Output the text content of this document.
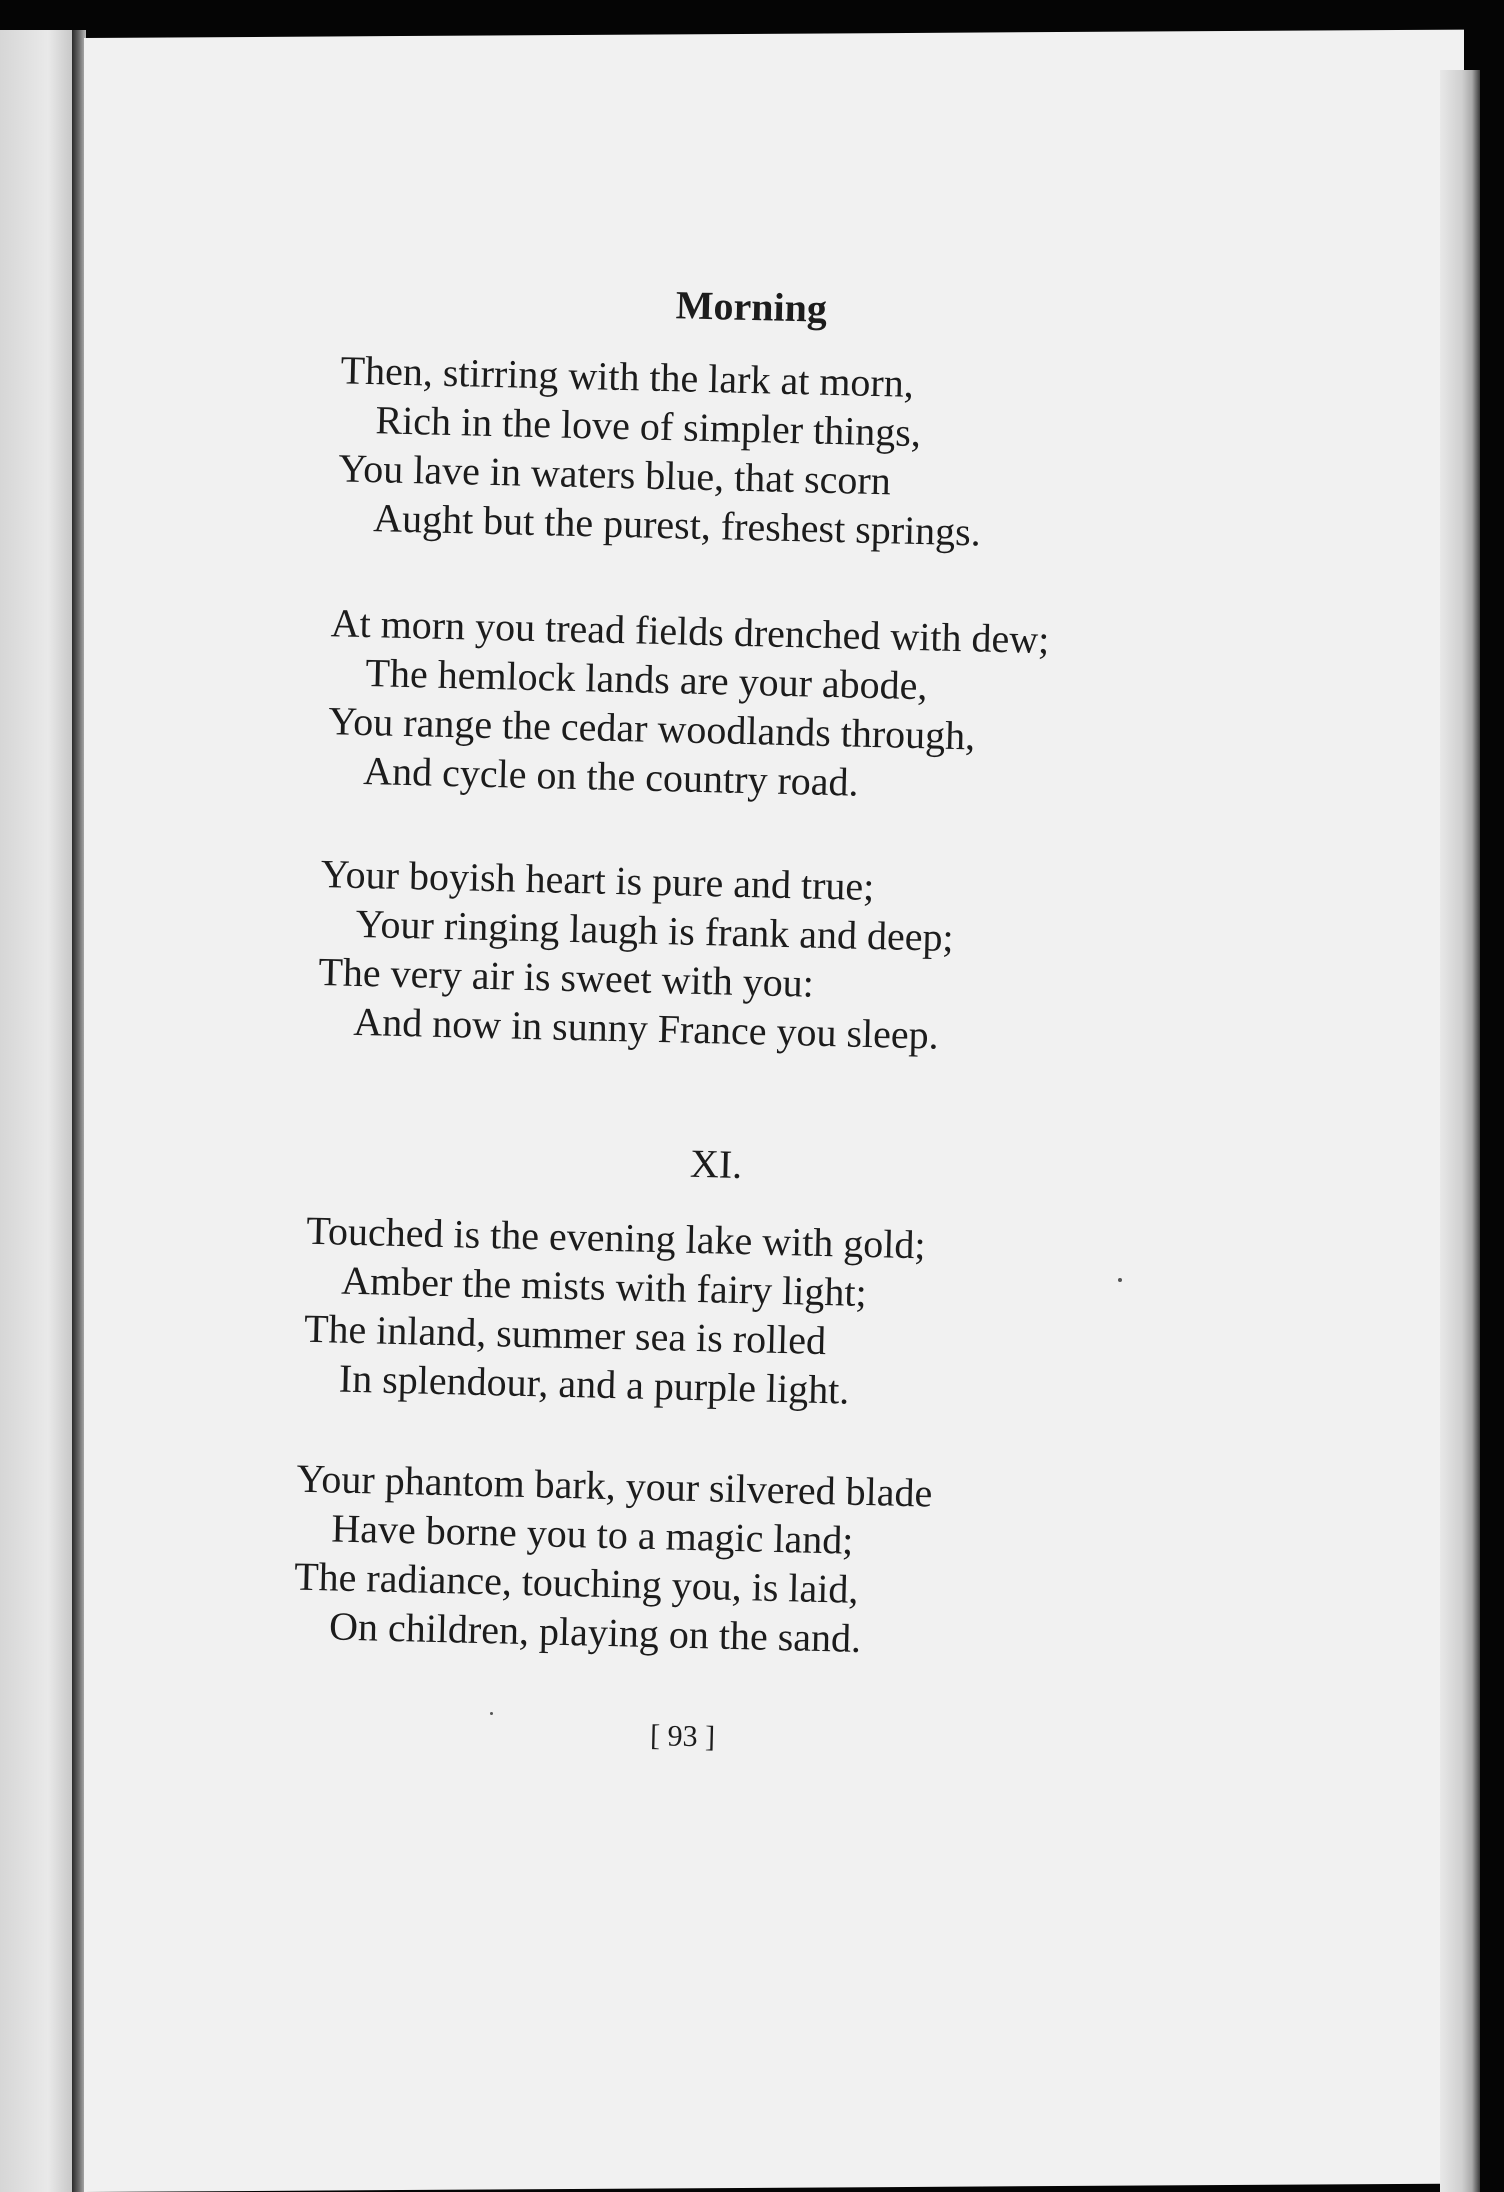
Morning
Then, stirring with the lark at morn,
Rich in the love of simpler things,
You lave in waters blue, that scorn
Aught but the purest, freshest springs.
At morn you tread fields drenched with dew;
The hemlock lands are your abode,
You range the cedar woodlands through,
And cycle on the country road.
Your boyish heart is pure and true;
Your ringing laugh is frank and deep;
The very air is sweet with you:
And now in sunny France you sleep.
XI.
Touched is the evening lake with gold;
Amber the mists with fairy light;
The inland, summer sea is rolled
In splendour, and a purple light.
Your phantom bark, your silvered blade
Have borne you to a magic land;
The radiance, touching you, is laid,
On children, playing on the sand.
[ 93 ]
